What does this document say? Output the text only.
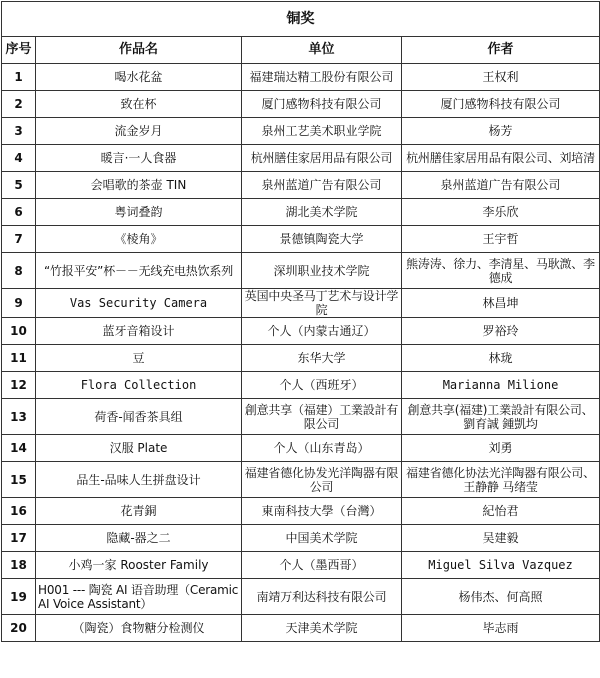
铜奖			
序号	作品名	单位	作者
1	喝水花盆	福建瑞达精工股份有限公司	王权利
2	致在杯	厦门感物科技有限公司	厦门感物科技有限公司
3	流金岁月	泉州工艺美术职业学院	杨芳
4	暖言·一人食器	杭州膳佳家居用品有限公司	杭州膳佳家居用品有限公司、刘培清
5	会唱歌的茶壶 TIN	泉州蓝道广告有限公司	泉州蓝道广告有限公司
6	粤词叠韵	湖北美术学院	李乐欣
7	《棱角》	景德镇陶瓷大学	王宇哲
8	“竹报平安”杯－－无线充电热饮系列	深圳职业技术学院	熊涛涛、徐力、李清星、马耿溦、李德成
9	Vas Security Camera	英国中央圣马丁艺术与设计学院	林昌坤
10	蓝牙音箱设计	个人（内蒙古通辽）	罗裕玲
11	豆	东华大学	林珑
12	Flora Collection	个人（西班牙）	Marianna Milione
13	荷香-闻香茶具组	創意共享（福建）工業設計有限公司	創意共享(福建)工業設計有限公司、劉育誠 鍾凱均
14	汉服 Plate	个人（山东青岛）	刘勇
15	品生-品味人生拼盘设计	福建省德化协发光洋陶器有限公司	福建省德化协法光洋陶器有限公司、王静静 马绪莹
16	花青銅	東南科技大學（台灣）	紀怡君
17	隐藏-器之二	中国美术学院	吴建毅
18	小鸡一家 Rooster Family	个人（墨西哥）	Miguel Silva Vazquez
19	H001 --- 陶瓷 AI 语音助理（Ceramic AI Voice Assistant）	南靖万利达科技有限公司	杨伟杰、何高照
20	（陶瓷）食物糖分检测仪	天津美术学院	毕志雨
